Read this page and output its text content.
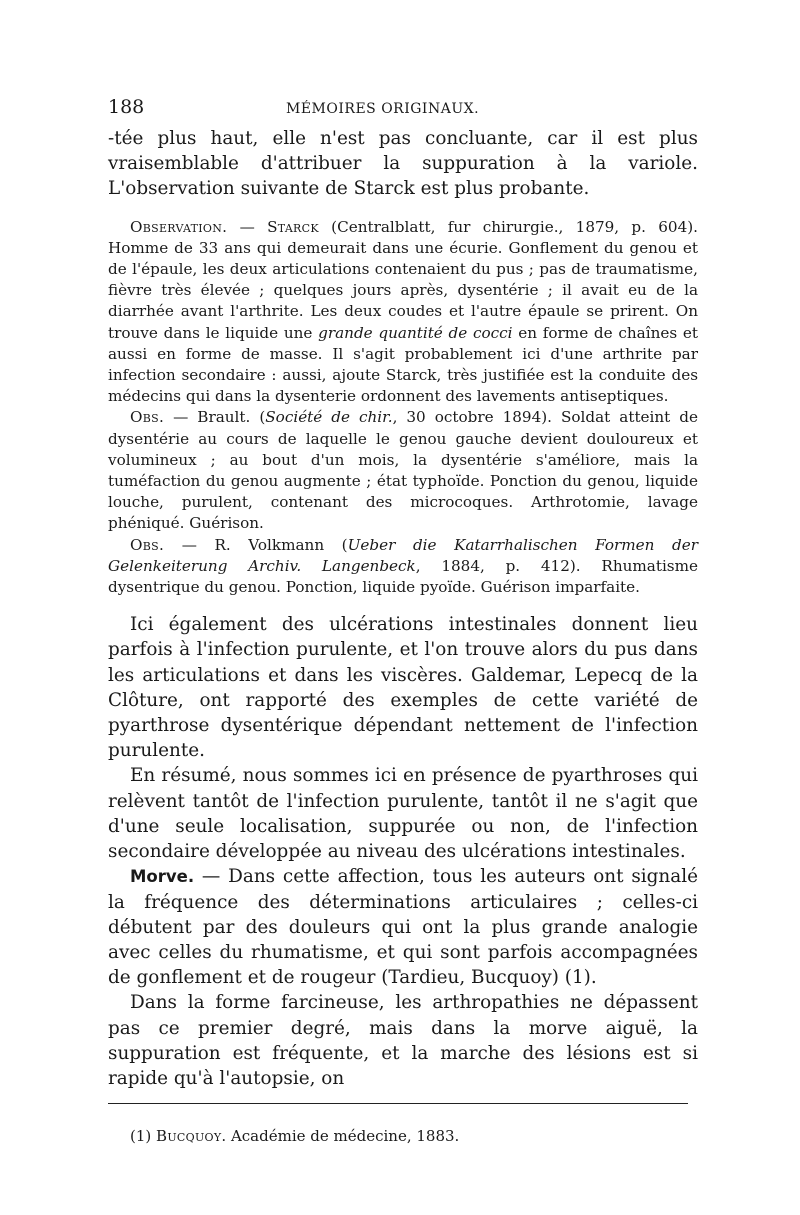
188	MÉMOIRES ORIGINAUX.

-tée plus haut, elle n'est pas concluante, car il est plus vraisemblable d'attribuer la suppuration à la variole. L'observation suivante de Starck est plus probante.

Observation. — Starck (Centralblatt, fur chirurgie., 1879, p. 604). Homme de 33 ans qui demeurait dans une écurie. Gonflement du genou et de l'épaule, les deux articulations contenaient du pus ; pas de traumatisme, fièvre très élevée ; quelques jours après, dysentérie ; il avait eu de la diarrhée avant l'arthrite. Les deux coudes et l'autre épaule se prirent. On trouve dans le liquide une grande quantité de cocci en forme de chaînes et aussi en forme de masse. Il s'agit probablement ici d'une arthrite par infection secondaire : aussi, ajoute Starck, très justifiée est la conduite des médecins qui dans la dysenterie ordonnent des lavements antiseptiques.

Obs. — Brault. (Société de chir., 30 octobre 1894). Soldat atteint de dysentérie au cours de laquelle le genou gauche devient douloureux et volumineux ; au bout d'un mois, la dysentérie s'améliore, mais la tuméfaction du genou augmente ; état typhoïde. Ponction du genou, liquide louche, purulent, contenant des microcoques. Arthrotomie, lavage phéniqué. Guérison.

Obs. — R. Volkmann (Ueber die Katarrhalischen Formen der Gelenkeiterung Archiv. Langenbeck, 1884, p. 412). Rhumatisme dysentrique du genou. Ponction, liquide pyoïde. Guérison imparfaite.

Ici également des ulcérations intestinales donnent lieu parfois à l'infection purulente, et l'on trouve alors du pus dans les articulations et dans les viscères. Galdemar, Lepecq de la Clôture, ont rapporté des exemples de cette variété de pyarthrose dysentérique dépendant nettement de l'infection purulente.

En résumé, nous sommes ici en présence de pyarthroses qui relèvent tantôt de l'infection purulente, tantôt il ne s'agit que d'une seule localisation, suppurée ou non, de l'infection secondaire développée au niveau des ulcérations intestinales.

Morve. — Dans cette affection, tous les auteurs ont signalé la fréquence des déterminations articulaires ; celles-ci débutent par des douleurs qui ont la plus grande analogie avec celles du rhumatisme, et qui sont parfois accompagnées de gonflement et de rougeur (Tardieu, Bucquoy) (1).

Dans la forme farcineuse, les arthropathies ne dépassent pas ce premier degré, mais dans la morve aiguë, la suppuration est fréquente, et la marche des lésions est si rapide qu'à l'autopsie, on

(1) Bucquoy. Académie de médecine, 1883.
